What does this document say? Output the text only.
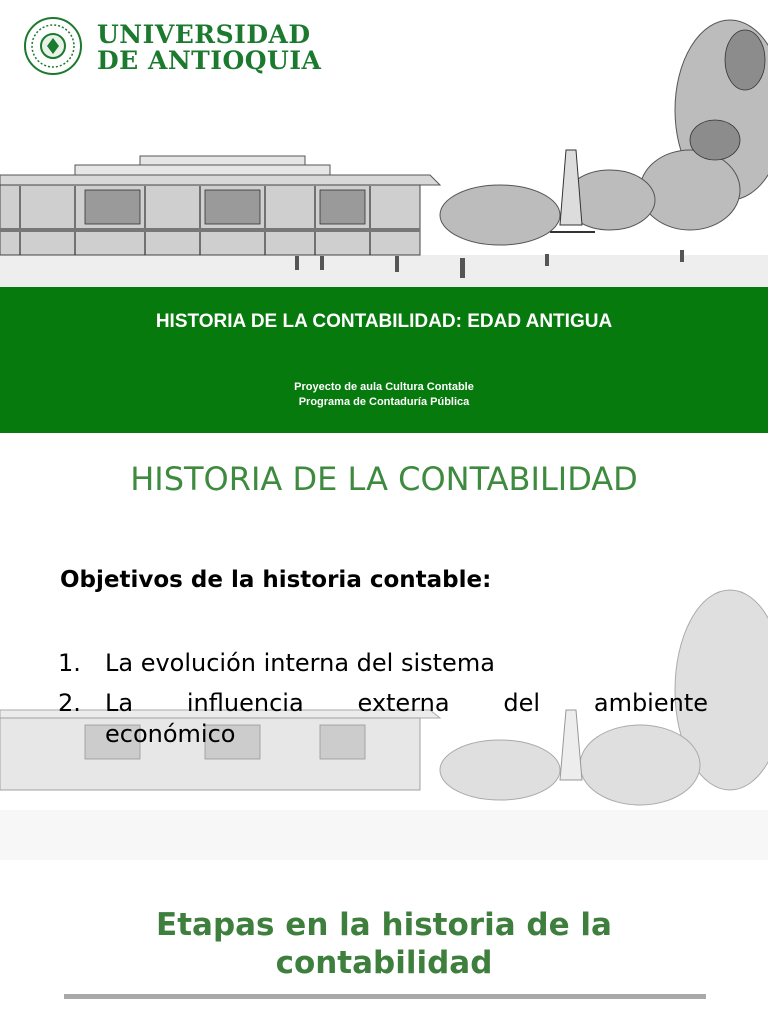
UNIVERSIDAD
DE ANTIOQUIA
HISTORIA DE LA CONTABILIDAD: EDAD ANTIGUA
Proyecto de aula Cultura Contable
Programa de Contaduría Pública
HISTORIA DE LA CONTABILIDAD
Objetivos de la historia contable:
1.	La evolución interna del sistema
2.	La influencia externa del ambiente
económico
Etapas en la historia de la
contabilidad
